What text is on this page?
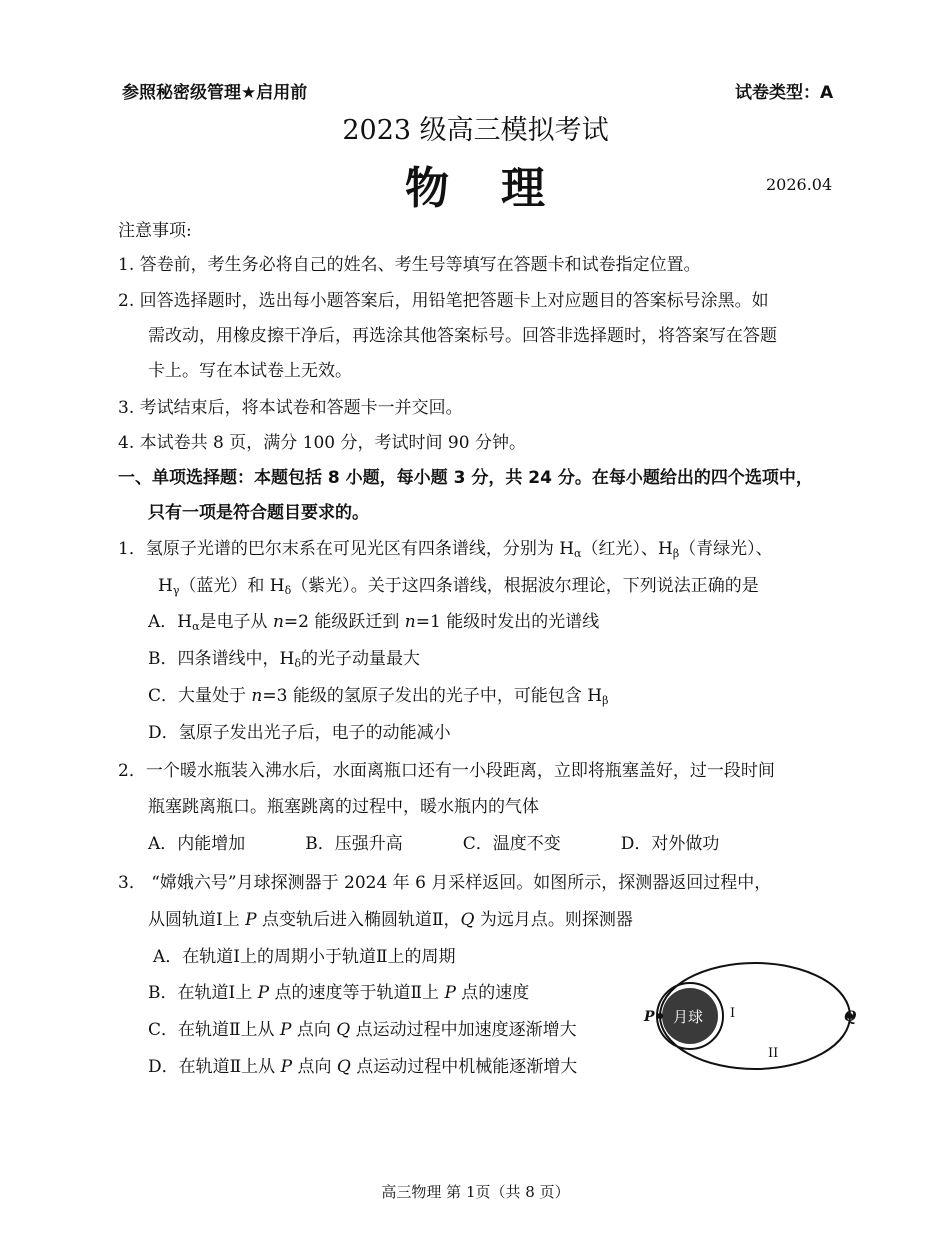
参照秘密级管理★启用前	试卷类型：A
2023 级高三模拟考试
物理	2026.04
注意事项:
1. 答卷前，考生务必将自己的姓名、考生号等填写在答题卡和试卷指定位置。
2. 回答选择题时，选出每小题答案后，用铅笔把答题卡上对应题目的答案标号涂黑。如
需改动，用橡皮擦干净后，再选涂其他答案标号。回答非选择题时，将答案写在答题
卡上。写在本试卷上无效。
3. 考试结束后，将本试卷和答题卡一并交回。
4. 本试卷共 8 页，满分 100 分，考试时间 90 分钟。
一、单项选择题：本题包括 8 小题，每小题 3 分，共 24 分。在每小题给出的四个选项中，
只有一项是符合题目要求的。
1．氢原子光谱的巴尔末系在可见光区有四条谱线，分别为 $H_\alpha$（红光）、$H_\beta$（青绿光）、
$H_\gamma$（蓝光）和 $H_\delta$（紫光）。关于这四条谱线，根据波尔理论，下列说法正确的是
A．$H_\alpha$是电子从 n=2 能级跃迁到 n=1 能级时发出的光谱线
B．四条谱线中，$H_\delta$的光子动量最大
C．大量处于 n=3 能级的氢原子发出的光子中，可能包含 $H_\beta$
D．氢原子发出光子后，电子的动能减小
2．一个暖水瓶装入沸水后，水面离瓶口还有一小段距离，立即将瓶塞盖好，过一段时间
瓶塞跳离瓶口。瓶塞跳离的过程中，暖水瓶内的气体
A．内能增加	B．压强升高	C．温度不变	D．对外做功
3． “嫦娥六号”月球探测器于 2024 年 6 月采样返回。如图所示，探测器返回过程中，
从圆轨道Ⅰ上 P 点变轨后进入椭圆轨道Ⅱ，Q 为远月点。则探测器
A．在轨道Ⅰ上的周期小于轨道Ⅱ上的周期
B．在轨道Ⅰ上 P 点的速度等于轨道Ⅱ上 P 点的速度
C．在轨道Ⅱ上从 P 点向 Q 点运动过程中加速度逐渐增大
D．在轨道Ⅱ上从 P 点向 Q 点运动过程中机械能逐渐增大
月球
P	Q
I
II
高三物理 第 1页（共 8 页）
